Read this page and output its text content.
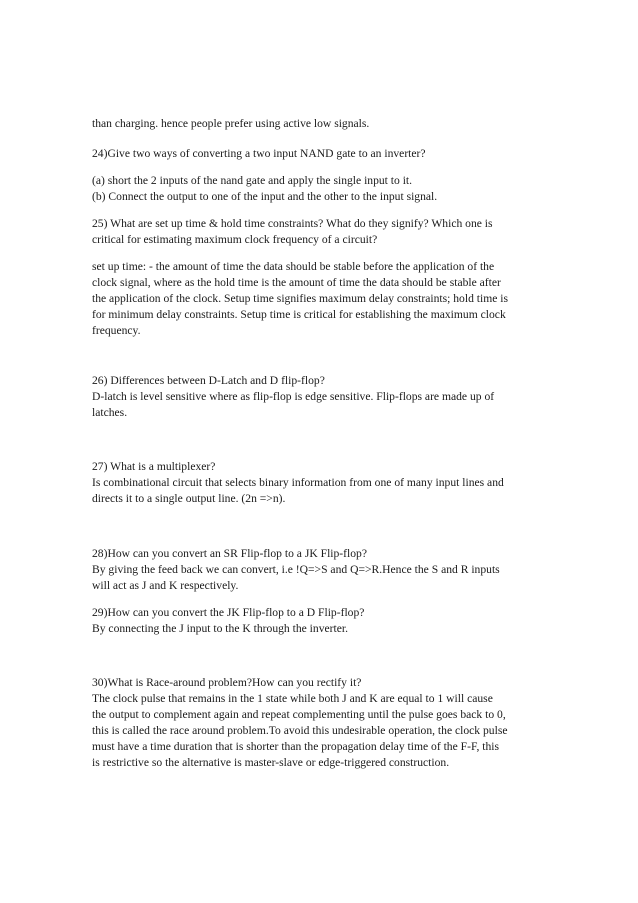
than charging. hence people prefer using active low signals.
24)Give two ways of converting a two input NAND gate to an inverter?
(a) short the 2 inputs of the nand gate and apply the single input to it.
(b) Connect the output to one of the input and the other to the input signal.
25) What are set up time & hold time constraints? What do they signify? Which one is
critical for estimating maximum clock frequency of a circuit?
set up time: - the amount of time the data should be stable before the application of the
clock signal, where as the hold time is the amount of time the data should be stable after
the application of the clock. Setup time signifies maximum delay constraints; hold time is
for minimum delay constraints. Setup time is critical for establishing the maximum clock
frequency.
26) Differences between D-Latch and D flip-flop?
D-latch is level sensitive where as flip-flop is edge sensitive. Flip-flops are made up of
latches.
27) What is a multiplexer?
Is combinational circuit that selects binary information from one of many input lines and
directs it to a single output line. (2n =>n).
28)How can you convert an SR Flip-flop to a JK Flip-flop?
By giving the feed back we can convert, i.e !Q=>S and Q=>R.Hence the S and R inputs
will act as J and K respectively.
29)How can you convert the JK Flip-flop to a D Flip-flop?
By connecting the J input to the K through the inverter.
30)What is Race-around problem?How can you rectify it?
The clock pulse that remains in the 1 state while both J and K are equal to 1 will cause
the output to complement again and repeat complementing until the pulse goes back to 0,
this is called the race around problem.To avoid this undesirable operation, the clock pulse
must have a time duration that is shorter than the propagation delay time of the F-F, this
is restrictive so the alternative is master-slave or edge-triggered construction.
